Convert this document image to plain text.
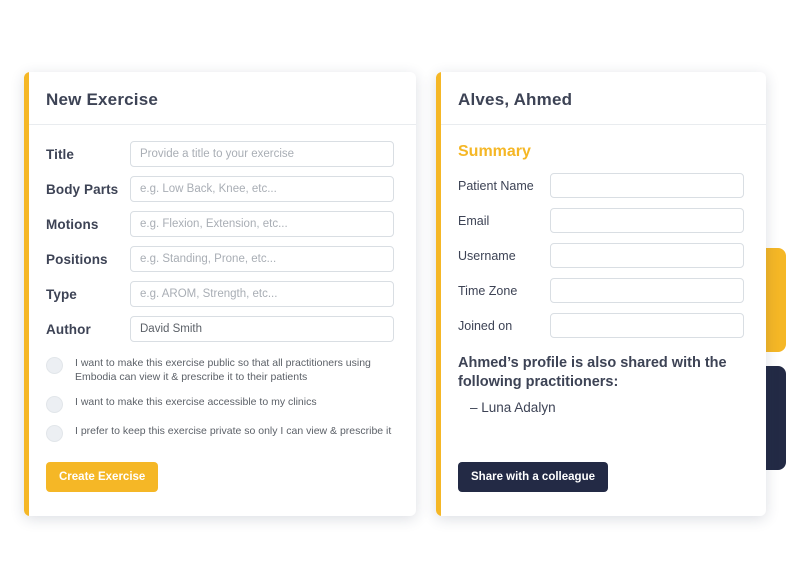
New Exercise
Title
Provide a title to your exercise
Body Parts
e.g. Low Back, Knee, etc...
Motions
e.g. Flexion, Extension, etc...
Positions
e.g. Standing, Prone, etc...
Type
e.g. AROM, Strength, etc...
Author
David Smith
I want to make this exercise public so that all practitioners using Embodia can view it & prescribe it to their patients
I want to make this exercise accessible to my clinics
I prefer to keep this exercise private so only I can view & prescribe it
Create Exercise
Alves, Ahmed
Summary
Patient Name
Email
Username
Time Zone
Joined on
Ahmed’s profile is also shared with the following practitioners:
– Luna Adalyn
Share with a colleague
